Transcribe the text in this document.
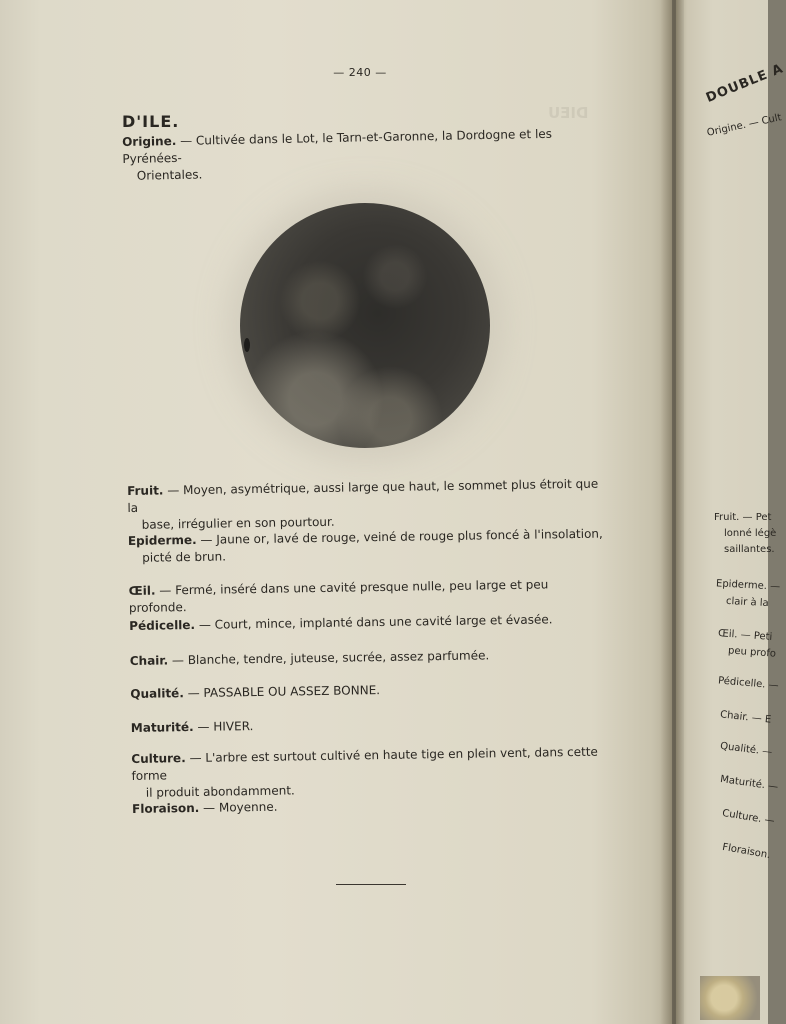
DIEU
— 240 —
D'ILE.
Origine. — Cultivée dans le Lot, le Tarn-et-Garonne, la Dordogne et les Pyrénées-
Orientales.
Fruit. — Moyen, asymétrique, aussi large que haut, le sommet plus étroit que la
base, irrégulier en son pourtour.
Epiderme. — Jaune or, lavé de rouge, veiné de rouge plus foncé à l'insolation,
picté de brun.
Œil. — Fermé, inséré dans une cavité presque nulle, peu large et peu profonde.
Pédicelle. — Court, mince, implanté dans une cavité large et évasée.
Chair. — Blanche, tendre, juteuse, sucrée, assez parfumée.
Qualité. — PASSABLE OU ASSEZ BONNE.
Maturité. — HIVER.
Culture. — L'arbre est surtout cultivé en haute tige en plein vent, dans cette forme
il produit abondamment.
Floraison. — Moyenne.
DOUBLE A
Origine. — Cult
Fruit. — Pet
lonné légè
saillantes.
Epiderme. —
clair à la
Œil. — Peti
peu profo
Pédicelle. —
Chair. — E
Qualité. —
Maturité. —
Culture. —
Floraison.
